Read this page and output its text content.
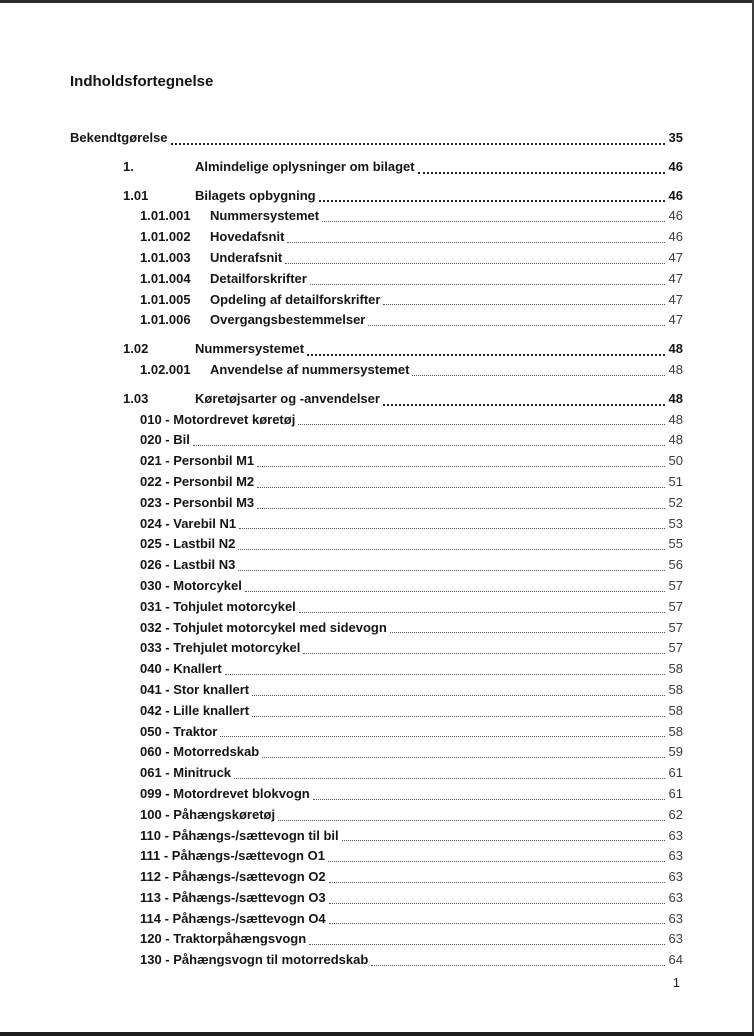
Indholdsfortegnelse
Bekendtgørelse	35
1.	Almindelige oplysninger om bilaget	46
1.01	Bilagets opbygning	46
1.01.001	Nummersystemet	46
1.01.002	Hovedafsnit	46
1.01.003	Underafsnit	47
1.01.004	Detailforskrifter	47
1.01.005	Opdeling af detailforskrifter	47
1.01.006	Overgangsbestemmelser	47
1.02	Nummersystemet	48
1.02.001	Anvendelse af nummersystemet	48
1.03	Køretøjsarter og -anvendelser	48
010 - Motordrevet køretøj	48
020 - Bil	48
021 - Personbil M1	50
022 - Personbil M2	51
023 - Personbil M3	52
024 - Varebil N1	53
025 - Lastbil N2	55
026 - Lastbil N3	56
030 - Motorcykel	57
031 - Tohjulet motorcykel	57
032 - Tohjulet motorcykel med sidevogn	57
033 - Trehjulet motorcykel	57
040 - Knallert	58
041 - Stor knallert	58
042 - Lille knallert	58
050 - Traktor	58
060 - Motorredskab	59
061 - Minitruck	61
099 - Motordrevet blokvogn	61
100 - Påhængskøretøj	62
110 - Påhængs-/sættevogn til bil	63
111 - Påhængs-/sættevogn O1	63
112 - Påhængs-/sættevogn O2	63
113 - Påhængs-/sættevogn O3	63
114 - Påhængs-/sættevogn O4	63
120 - Traktorpåhængsvogn	63
130 - Påhængsvogn til motorredskab	64
1
